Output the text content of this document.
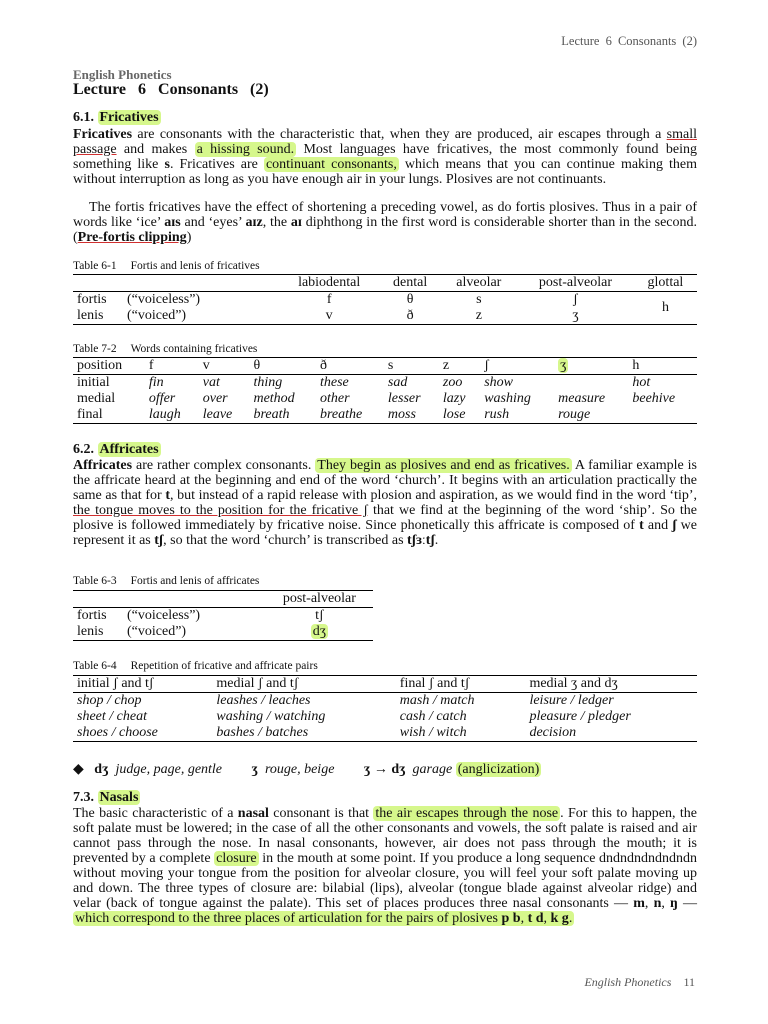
Lecture 6 Consonants (2)
English Phonetics
Lecture 6 Consonants (2)
6.1. Fricatives

Fricatives are consonants with the characteristic that, when they are produced, air escapes through a small passage and makes a hissing sound. Most languages have fricatives, the most commonly found being something like s. Fricatives are continuant consonants, which means that you can continue making them without interruption as long as you have enough air in your lungs. Plosives are not continuants.

The fortis fricatives have the effect of shortening a preceding vowel, as do fortis plosives. Thus in a pair of words like ‘ice’ aɪs and ‘eyes’ aɪz, the aɪ diphthong in the first word is considerable shorter than in the second. (Pre-fortis clipping)

Table 6-1 Fortis and lenis of fricatives
		labiodental	dental	alveolar	post-alveolar	glottal
fortis	(“voiceless”)	f	θ	s	ʃ	h
lenis	(“voiced”)	v	ð	z	ʒ	
Table 7-2 Words containing fricatives
position	f	v	θ	ð	s	z	ʃ	ʒ	h
initial	fin	vat	thing	these	sad	zoo	show		hot
medial	offer	over	method	other	lesser	lazy	washing	measure	beehive
final	laugh	leave	breath	breathe	moss	lose	rush	rouge	
6.2. Affricates

Affricates are rather complex consonants. They begin as plosives and end as fricatives. A familiar example is the affricate heard at the beginning and end of the word ‘church’. It begins with an articulation practically the same as that for t, but instead of a rapid release with plosion and aspiration, as we would find in the word ‘tip’, the tongue moves to the position for the fricative ʃ that we find at the beginning of the word ‘ship’. So the plosive is followed immediately by fricative noise. Since phonetically this affricate is composed of t and ʃ we represent it as tʃ, so that the word ‘church’ is transcribed as tʃɜːtʃ.

Table 6-3 Fortis and lenis of affricates
		post-alveolar
fortis	(“voiceless”)	tʃ
lenis	(“voiced”)	dʒ
Table 6-4 Repetition of fricative and affricate pairs
initial ʃ and tʃ	medial ʃ and tʃ	final ʃ and tʃ	medial ʒ and dʒ
shop / chop	leashes / leaches	mash / match	leisure / ledger
sheet / cheat	washing / watching	cash / catch	pleasure / pledger
shoes / choose	bashes / batches	wish / witch	decision
◆ dʒ judge, page, gentle ʒ rouge, beige ʒ → dʒ garage (anglicization)
7.3. Nasals

The basic characteristic of a nasal consonant is that the air escapes through the nose . For this to happen, the soft palate must be lowered; in the case of all the other consonants and vowels, the soft palate is raised and air cannot pass through the nose. In nasal consonants, however, air does not pass through the mouth; it is prevented by a complete closure in the mouth at some point. If you produce a long sequence dndndndndndndn without moving your tongue from the position for alveolar closure, you will feel your soft palate moving up and down. The three types of closure are: bilabial (lips), alveolar (tongue blade against alveolar ridge) and velar (back of tongue against the palate). This set of places produces three nasal consonants — m, n, ŋ — which correspond to the three places of articulation for the pairs of plosives p b, t d, k g.

English Phonetics 11
